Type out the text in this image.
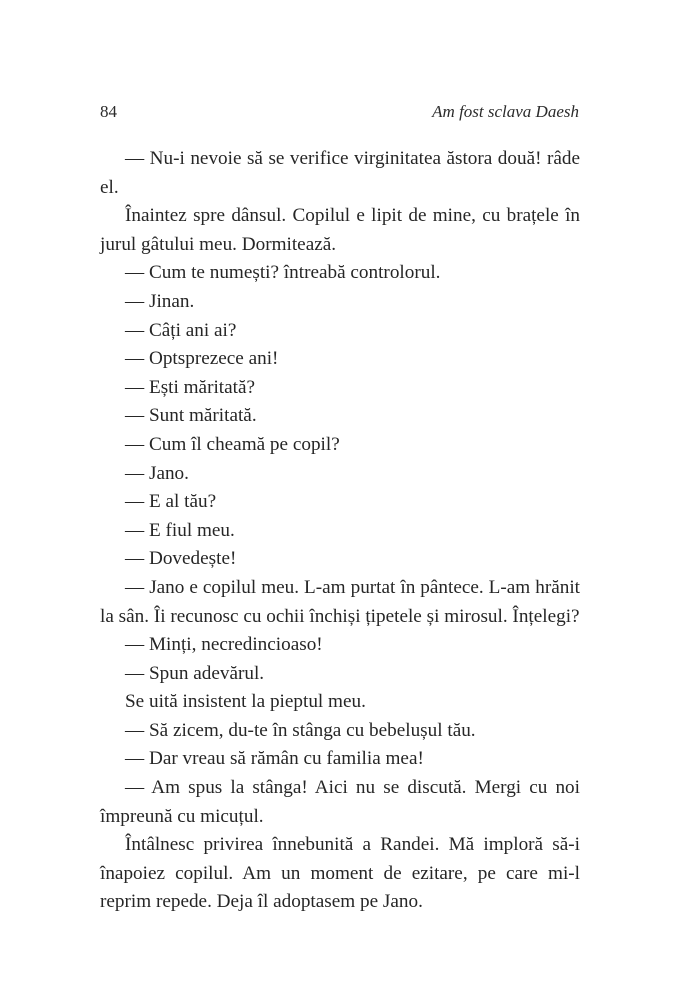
84	Am fost sclava Daesh

— Nu-i nevoie să se verifice virginitatea ăstora două! râde el.

Înaintez spre dânsul. Copilul e lipit de mine, cu brațele în jurul gâtului meu. Dormitează.

— Cum te numești? întreabă controlorul.

— Jinan.

— Câți ani ai?

— Optsprezece ani!

— Ești măritată?

— Sunt măritată.

— Cum îl cheamă pe copil?

— Jano.

— E al tău?

— E fiul meu.

— Dovedește!

— Jano e copilul meu. L-am purtat în pântece. L-am hrănit la sân. Îi recunosc cu ochii închiși țipetele și mirosul. Înțelegi?

— Minți, necredincioaso!

— Spun adevărul.

Se uită insistent la pieptul meu.

— Să zicem, du-te în stânga cu bebelușul tău.

— Dar vreau să rămân cu familia mea!

— Am spus la stânga! Aici nu se discută. Mergi cu noi împreună cu micuțul.

Întâlnesc privirea înnebunită a Randei. Mă imploră să-i înapoiez copilul. Am un moment de ezitare, pe care mi-l reprim repede. Deja îl adoptasem pe Jano.
